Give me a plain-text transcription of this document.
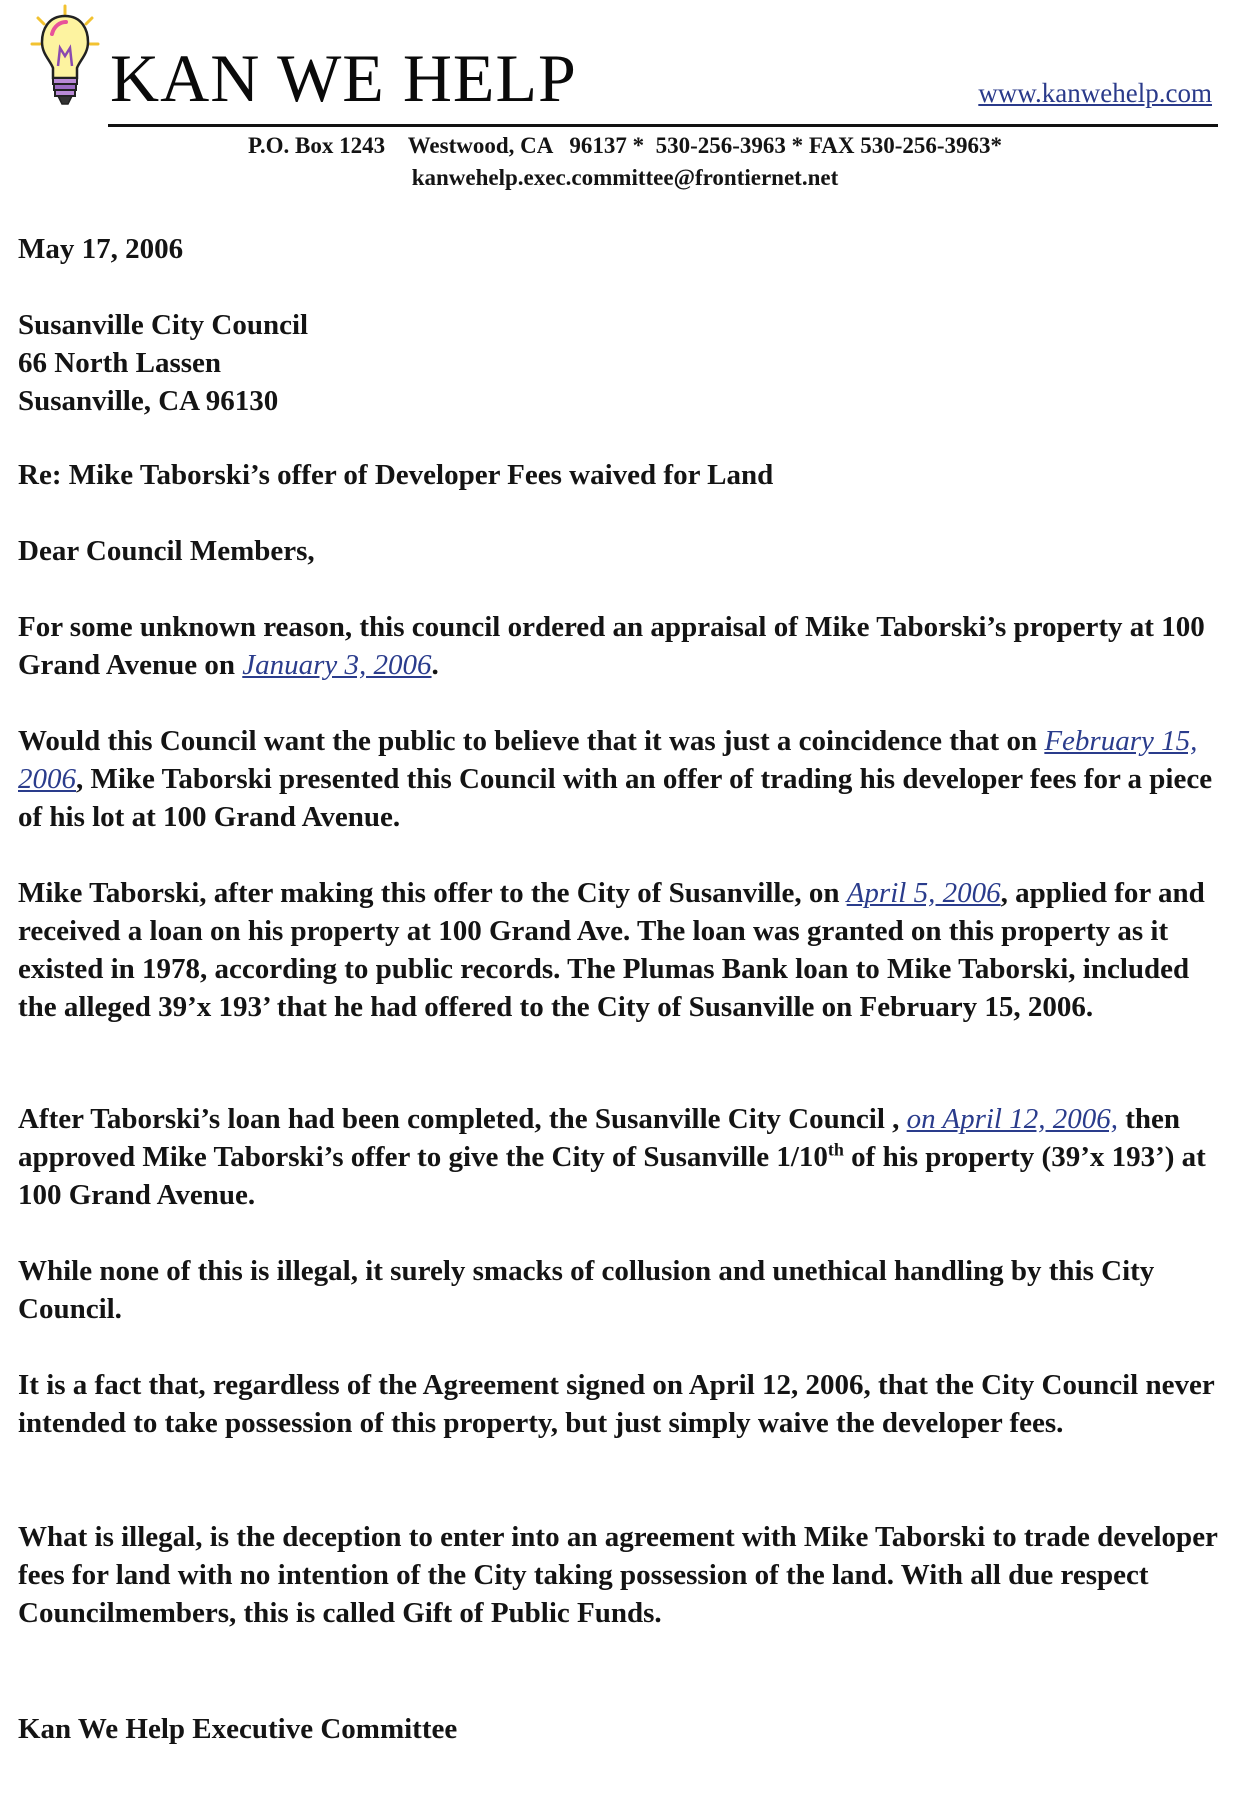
KAN WE HELP	www.kanwehelp.com
P.O. Box 1243    Westwood, CA   96137 *  530-256-3963 * FAX 530-256-3963*
kanwehelp.exec.committee@frontiernet.net
May 17, 2006
Susanville City Council
66 North Lassen
Susanville, CA 96130
Re: Mike Taborski’s offer of Developer Fees waived for Land
Dear Council Members,
For some unknown reason, this council ordered an appraisal of Mike Taborski’s property at 100 Grand Avenue on January 3, 2006.
Would this Council want the public to believe that it was just a coincidence that on February 15, 2006, Mike Taborski presented this Council with an offer of trading his developer fees for a piece of his lot at 100 Grand Avenue.
Mike Taborski, after making this offer to the City of Susanville, on April 5, 2006, applied for and received a loan on his property at 100 Grand Ave. The loan was granted on this property as it existed in 1978, according to public records. The Plumas Bank loan to Mike Taborski, included the alleged 39’x 193’ that he had offered to the City of Susanville on February 15, 2006.
After Taborski’s loan had been completed, the Susanville City Council , on April 12, 2006, then approved Mike Taborski’s offer to give the City of Susanville 1/10th of his property (39’x 193’) at 100 Grand Avenue.
While none of this is illegal, it surely smacks of collusion and unethical handling by this City Council.
It is a fact that, regardless of the Agreement signed on April 12, 2006, that the City Council never intended to take possession of this property, but just simply waive the developer fees.
What is illegal, is the deception to enter into an agreement with Mike Taborski to trade developer fees for land with no intention of the City taking possession of the land. With all due respect Councilmembers, this is called Gift of Public Funds.
Kan We Help Executive Committee
